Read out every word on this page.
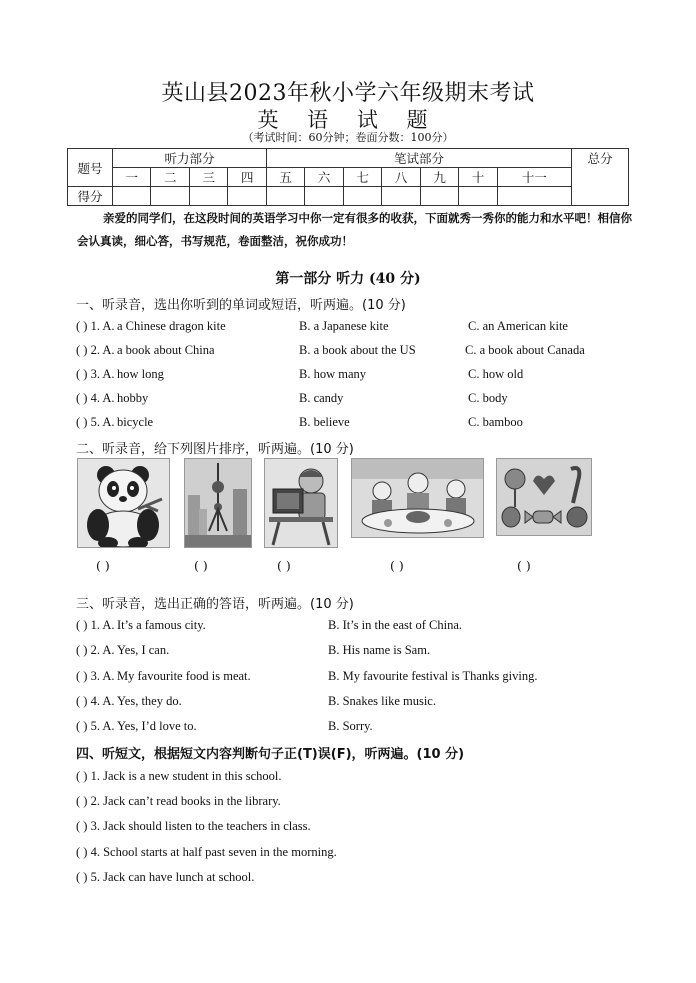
英山县2023年秋小学六年级期末考试
英 语 试 题
（考试时间：60分钟；卷面分数：100分）
题号	听力部分				笔试部分							总分
	一	二	三	四	五	六	七	八	九	十	十一	
得分												
亲爱的同学们，在这段时间的英语学习中你一定有很多的收获，下面就秀一秀你的能力和水平吧！相信你会认真读，细心答，书写规范，卷面整洁，祝你成功！
第一部分 听力 (40 分)
一、听录音，选出你听到的单词或短语，听两遍。(10 分)
( ) 1. A. a Chinese dragon kite	B. a Japanese kite	C. an American kite
( ) 2. A. a book about China	B. a book about the US	C. a book about Canada
( ) 3. A. how long	B. how many	C. how old
( ) 4. A. hobby	B. candy	C. body
( ) 5. A. bicycle	B. believe	C. bamboo
二、听录音，给下列图片排序，听两遍。(10 分)
( )	( )	( )	( )	( )
三、听录音，选出正确的答语，听两遍。(10 分)
( ) 1. A. It’s a famous city.	B. It’s in the east of China.
( ) 2. A. Yes, I can.	B. His name is Sam.
( ) 3. A. My favourite food is meat.	B. My favourite festival is Thanks giving.
( ) 4. A. Yes, they do.	B. Snakes like music.
( ) 5. A. Yes, I’d love to.	B. Sorry.
四、听短文，根据短文内容判断句子正(T)误(F)，听两遍。(10 分)
( ) 1. Jack is a new student in this school.
( ) 2. Jack can’t read books in the library.
( ) 3. Jack should listen to the teachers in class.
( ) 4. School starts at half past seven in the morning.
( ) 5. Jack can have lunch at school.
